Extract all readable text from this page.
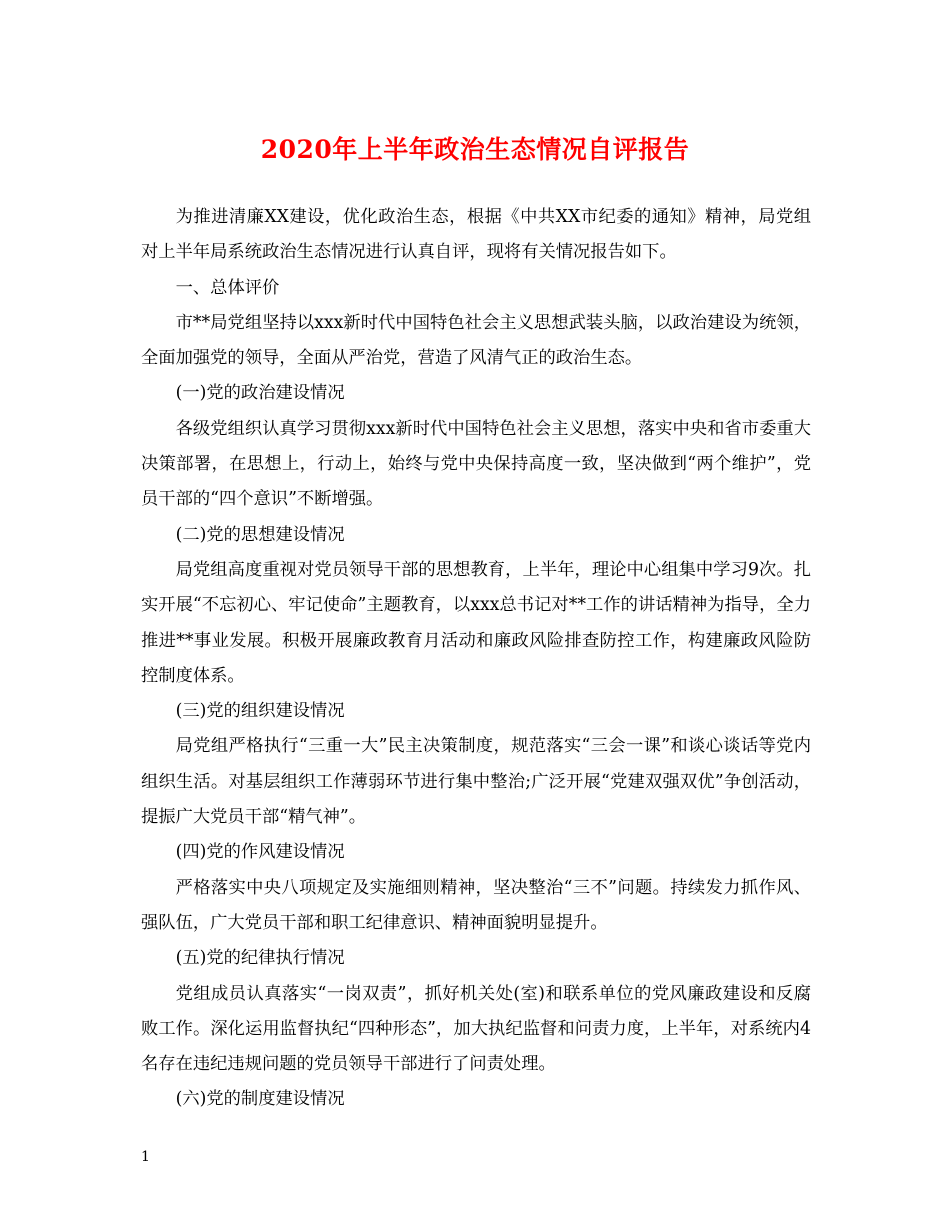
2020年上半年政治生态情况自评报告

为推进清廉XX建设，优化政治生态，根据《中共XX市纪委的通知》精神，局党组对上半年局系统政治生态情况进行认真自评，现将有关情况报告如下。

一、总体评价

市**局党组坚持以xxx新时代中国特色社会主义思想武装头脑，以政治建设为统领，全面加强党的领导，全面从严治党，营造了风清气正的政治生态。

(一)党的政治建设情况

各级党组织认真学习贯彻xxx新时代中国特色社会主义思想，落实中央和省市委重大决策部署，在思想上，行动上，始终与党中央保持高度一致，坚决做到“两个维护”，党员干部的“四个意识”不断增强。

(二)党的思想建设情况

局党组高度重视对党员领导干部的思想教育，上半年，理论中心组集中学习9次。扎实开展“不忘初心、牢记使命”主题教育，以xxx总书记对**工作的讲话精神为指导，全力推进**事业发展。积极开展廉政教育月活动和廉政风险排查防控工作，构建廉政风险防控制度体系。

(三)党的组织建设情况

局党组严格执行“三重一大”民主决策制度，规范落实“三会一课”和谈心谈话等党内组织生活。对基层组织工作薄弱环节进行集中整治;广泛开展“党建双强双优”争创活动，提振广大党员干部“精气神”。

(四)党的作风建设情况

严格落实中央八项规定及实施细则精神，坚决整治“三不”问题。持续发力抓作风、强队伍，广大党员干部和职工纪律意识、精神面貌明显提升。

(五)党的纪律执行情况

党组成员认真落实“一岗双责”，抓好机关处(室)和联系单位的党风廉政建设和反腐败工作。深化运用监督执纪“四种形态”，加大执纪监督和问责力度，上半年，对系统内4名存在违纪违规问题的党员领导干部进行了问责处理。

(六)党的制度建设情况

1
